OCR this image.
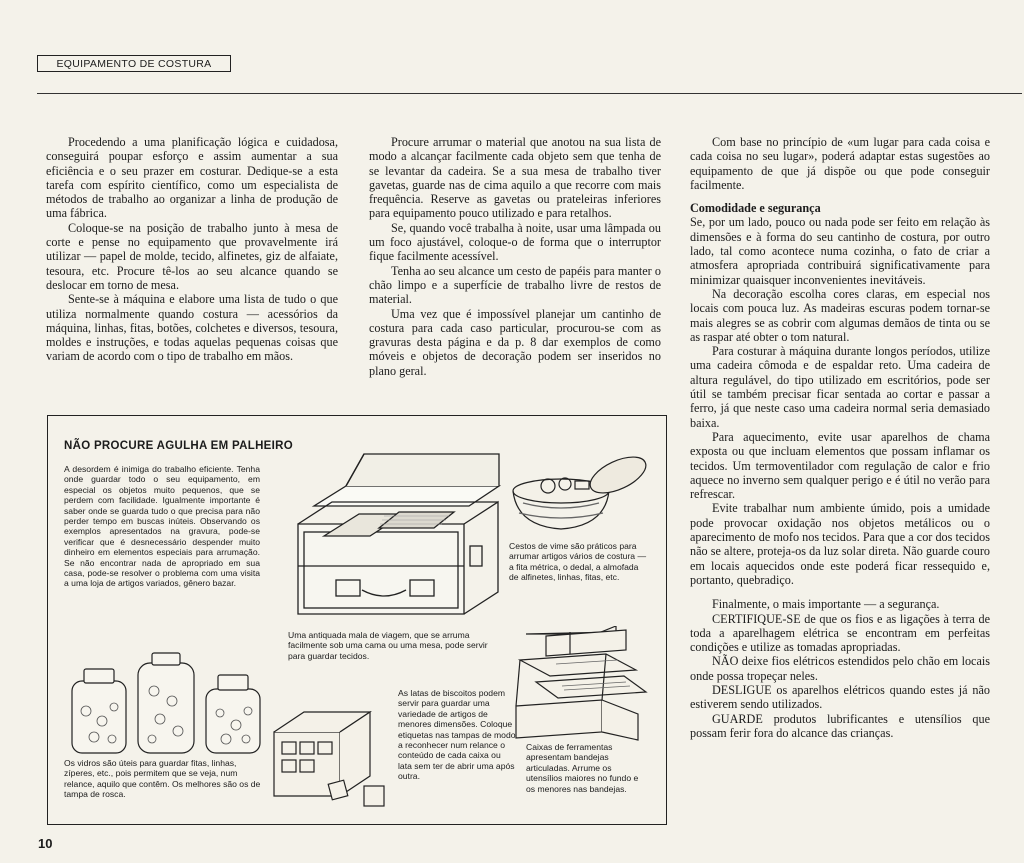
EQUIPAMENTO DE COSTURA

Procedendo a uma planificação lógica e cuidadosa, conseguirá poupar esforço e assim aumentar a sua eficiência e o seu prazer em costurar. Dedique-se a esta tarefa com espírito científico, como um especialista de métodos de trabalho ao organizar a linha de produção de uma fábrica.

Coloque-se na posição de trabalho junto à mesa de corte e pense no equipamento que provavelmente irá utilizar — papel de molde, tecido, alfinetes, giz de alfaiate, tesoura, etc. Procure tê-los ao seu alcance quando se deslocar em torno de mesa.

Sente-se à máquina e elabore uma lista de tudo o que utiliza normalmente quando costura — acessórios da máquina, linhas, fitas, botões, colchetes e diversos, tesoura, moldes e instruções, e todas aquelas pequenas coisas que variam de acordo com o tipo de trabalho em mãos.

Procure arrumar o material que anotou na sua lista de modo a alcançar facilmente cada objeto sem que tenha de se levantar da cadeira. Se a sua mesa de trabalho tiver gavetas, guarde nas de cima aquilo a que recorre com mais frequência. Reserve as gavetas ou prateleiras inferiores para equipamento pouco utilizado e para retalhos.

Se, quando você trabalha à noite, usar uma lâmpada ou um foco ajustável, coloque-o de forma que o interruptor fique facilmente acessível.

Tenha ao seu alcance um cesto de papéis para manter o chão limpo e a superfície de trabalho livre de restos de material.

Uma vez que é impossível planejar um cantinho de costura para cada caso particular, procurou-se com as gravuras desta página e da p. 8 dar exemplos de como móveis e objetos de decoração podem ser inseridos no plano geral.

Com base no princípio de «um lugar para cada coisa e cada coisa no seu lugar», poderá adaptar estas sugestões ao equipamento de que já dispõe ou que pode conseguir facilmente.

Comodidade e segurança

Se, por um lado, pouco ou nada pode ser feito em relação às dimensões e à forma do seu cantinho de costura, por outro lado, tal como acontece numa cozinha, o fato de criar a atmosfera apropriada contribuirá significativamente para minimizar quaisquer inconvenientes inevitáveis.

Na decoração escolha cores claras, em especial nos locais com pouca luz. As madeiras escuras podem tornar-se mais alegres se as cobrir com algumas demãos de tinta ou se as raspar até obter o tom natural.

Para costurar à máquina durante longos períodos, utilize uma cadeira cômoda e de espaldar reto. Uma cadeira de altura regulável, do tipo utilizado em escritórios, pode ser útil se também precisar ficar sentada ao cortar e passar a ferro, já que neste caso uma cadeira normal seria demasiado baixa.

Para aquecimento, evite usar aparelhos de chama exposta ou que incluam elementos que possam inflamar os tecidos. Um termoventilador com regulação de calor e frio aquece no inverno sem qualquer perigo e é útil no verão para refrescar.

Evite trabalhar num ambiente úmido, pois a umidade pode provocar oxidação nos objetos metálicos ou o aparecimento de mofo nos tecidos. Para que a cor dos tecidos não se altere, proteja-os da luz solar direta. Não guarde couro em locais aquecidos onde este poderá ficar ressequido e, portanto, quebradiço.

Finalmente, o mais importante — a segurança.

CERTIFIQUE-SE de que os fios e as ligações à terra de toda a aparelhagem elétrica se encontram em perfeitas condições e utilize as tomadas apropriadas.

NÃO deixe fios elétricos estendidos pelo chão em locais onde possa tropeçar neles.

DESLIGUE os aparelhos elétricos quando estes já não estiverem sendo utilizados.

GUARDE produtos lubrificantes e utensílios que possam ferir fora do alcance das crianças.

NÃO PROCURE AGULHA EM PALHEIRO
A desordem é inimiga do trabalho eficiente. Tenha onde guardar todo o seu equipamento, em especial os objetos muito pequenos, que se perdem com facilidade. Igualmente importante é saber onde se guarda tudo o que precisa para não perder tempo em buscas inúteis. Observando os exemplos apresentados na gravura, pode-se verificar que é desnecessário despender muito dinheiro em elementos especiais para arrumação. Se não encontrar nada de apropriado em sua casa, pode-se resolver o problema com uma visita a uma loja de artigos variados, gênero bazar.
Cestos de vime são práticos para arrumar artigos vários de costura — a fita métrica, o dedal, a almofada de alfinetes, linhas, fitas, etc.
Uma antiquada mala de viagem, que se arruma facilmente sob uma cama ou uma mesa, pode servir para guardar tecidos.
Os vidros são úteis para guardar fitas, linhas, zíperes, etc., pois permitem que se veja, num relance, aquilo que contêm. Os melhores são os de tampa de rosca.
As latas de biscoitos podem servir para guardar uma variedade de artigos de menores dimensões. Coloque etiquetas nas tampas de modo a reconhecer num relance o conteúdo de cada caixa ou lata sem ter de abrir uma após outra.
Caixas de ferramentas apresentam bandejas articuladas. Arrume os utensílios maiores no fundo e os menores nas bandejas.
10
